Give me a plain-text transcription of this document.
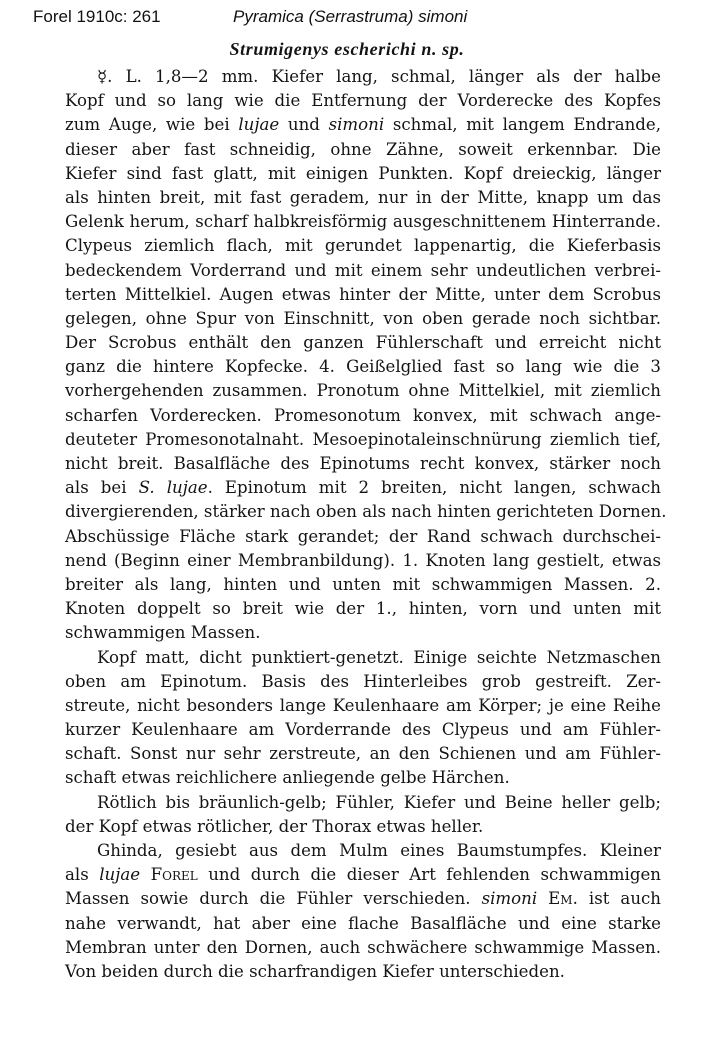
Forel 1910c: 261	Pyramica (Serrastruma) simoni
Strumigenys escherichi n. sp.
☿. L. 1,8—2 mm. Kiefer lang, schmal, länger als der halbe
Kopf und so lang wie die Entfernung der Vorderecke des Kopfes
zum Auge, wie bei lujae und simoni schmal, mit langem Endrande,
dieser aber fast schneidig, ohne Zähne, soweit erkennbar. Die
Kiefer sind fast glatt, mit einigen Punkten. Kopf dreieckig, länger
als hinten breit, mit fast geradem, nur in der Mitte, knapp um das
Gelenk herum, scharf halbkreisförmig ausgeschnittenem Hinterrande.
Clypeus ziemlich flach, mit gerundet lappenartig, die Kieferbasis
bedeckendem Vorderrand und mit einem sehr undeutlichen verbrei-
terten Mittelkiel. Augen etwas hinter der Mitte, unter dem Scrobus
gelegen, ohne Spur von Einschnitt, von oben gerade noch sichtbar.
Der Scrobus enthält den ganzen Fühlerschaft und erreicht nicht
ganz die hintere Kopfecke. 4. Geißelglied fast so lang wie die 3
vorhergehenden zusammen. Pronotum ohne Mittelkiel, mit ziemlich
scharfen Vorderecken. Promesonotum konvex, mit schwach ange-
deuteter Promesonotalnaht. Mesoepinotaleinschnürung ziemlich tief,
nicht breit. Basalfläche des Epinotums recht konvex, stärker noch
als bei S. lujae. Epinotum mit 2 breiten, nicht langen, schwach
divergierenden, stärker nach oben als nach hinten gerichteten Dornen.
Abschüssige Fläche stark gerandet; der Rand schwach durchschei-
nend (Beginn einer Membranbildung). 1. Knoten lang gestielt, etwas
breiter als lang, hinten und unten mit schwammigen Massen. 2.
Knoten doppelt so breit wie der 1., hinten, vorn und unten mit
schwammigen Massen.
Kopf matt, dicht punktiert-genetzt. Einige seichte Netzmaschen
oben am Epinotum. Basis des Hinterleibes grob gestreift. Zer-
streute, nicht besonders lange Keulenhaare am Körper; je eine Reihe
kurzer Keulenhaare am Vorderrande des Clypeus und am Fühler-
schaft. Sonst nur sehr zerstreute, an den Schienen und am Fühler-
schaft etwas reichlichere anliegende gelbe Härchen.
Rötlich bis bräunlich-gelb; Fühler, Kiefer und Beine heller gelb;
der Kopf etwas rötlicher, der Thorax etwas heller.
Ghinda, gesiebt aus dem Mulm eines Baumstumpfes. Kleiner
als lujae Forel und durch die dieser Art fehlenden schwammigen
Massen sowie durch die Fühler verschieden. simoni Em. ist auch
nahe verwandt, hat aber eine flache Basalfläche und eine starke
Membran unter den Dornen, auch schwächere schwammige Massen.
Von beiden durch die scharfrandigen Kiefer unterschieden.
